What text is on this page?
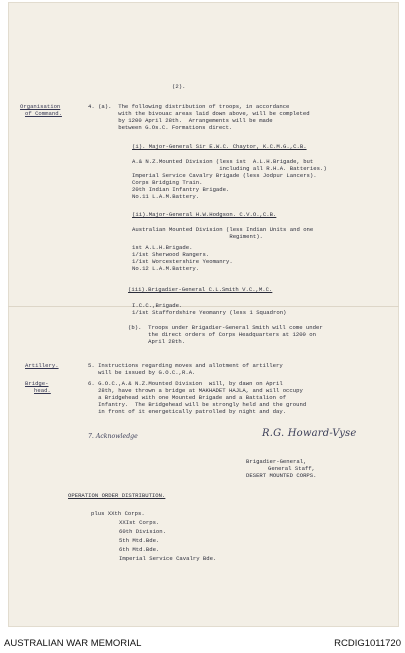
(2).
Organisation
of Command.
Artillery.
Bridge-
head.
4. (a).  The following distribution of troops, in accordance
with the bivouac areas laid down above, will be completed
by 1200 April 28th.  Arrangements will be made
between G.Os.C. Formations direct.
(i). Major-General Sir E.W.C. Chaytor, K.C.M.G.,C.B.
A.& N.Z.Mounted Division (less 1st  A.L.H.Brigade, but
including all R.H.A. Batteries.)
Imperial Service Cavalry Brigade (less Jodpur Lancers).
Corps Bridging Train.
20th Indian Infantry Brigade.
No.11 L.A.M.Battery.
(ii).Major-General H.W.Hodgson. C.V.O.,C.B.
Australian Mounted Division (less Indian Units and one
Regiment).
1st A.L.H.Brigade.
1/1st Sherwood Rangers.
1/1st Worcestershire Yeomanry.
No.12 L.A.M.Battery.
(iii).Brigadier-General C.L.Smith V.C.,M.C.
I.C.C.,Brigade.
1/1st Staffordshire Yeomanry (less 1 Squadron)
(b).  Troops under Brigadier-General Smith will come under
the direct orders of Corps Headquarters at 1200 on
April 28th.
5. Instructions regarding moves and allotment of artillery
will be issued by G.O.C.,R.A.
6. G.O.C.,A.& N.Z.Mounted Division  will, by dawn on April
28th, have thrown a bridge at MAKHADET HAJLA, and will occupy
a Bridgehead with one Mounted Brigade and a Battalion of
Infantry.  The Bridgehead will be strongly held and the ground
in front of it energetically patrolled by night and day.
7. Acknowledge	R.G. Howard-Vyse
Brigadier-General,
General Staff,
DESERT MOUNTED CORPS.
OPERATION ORDER DISTRIBUTION.
plus XXth Corps.
XXIst Corps.
60th Division.
5th Mtd.Bde.
6th Mtd.Bde.
Imperial Service Cavalry Bde.
AUSTRALIAN WAR MEMORIAL	RCDIG1011720
